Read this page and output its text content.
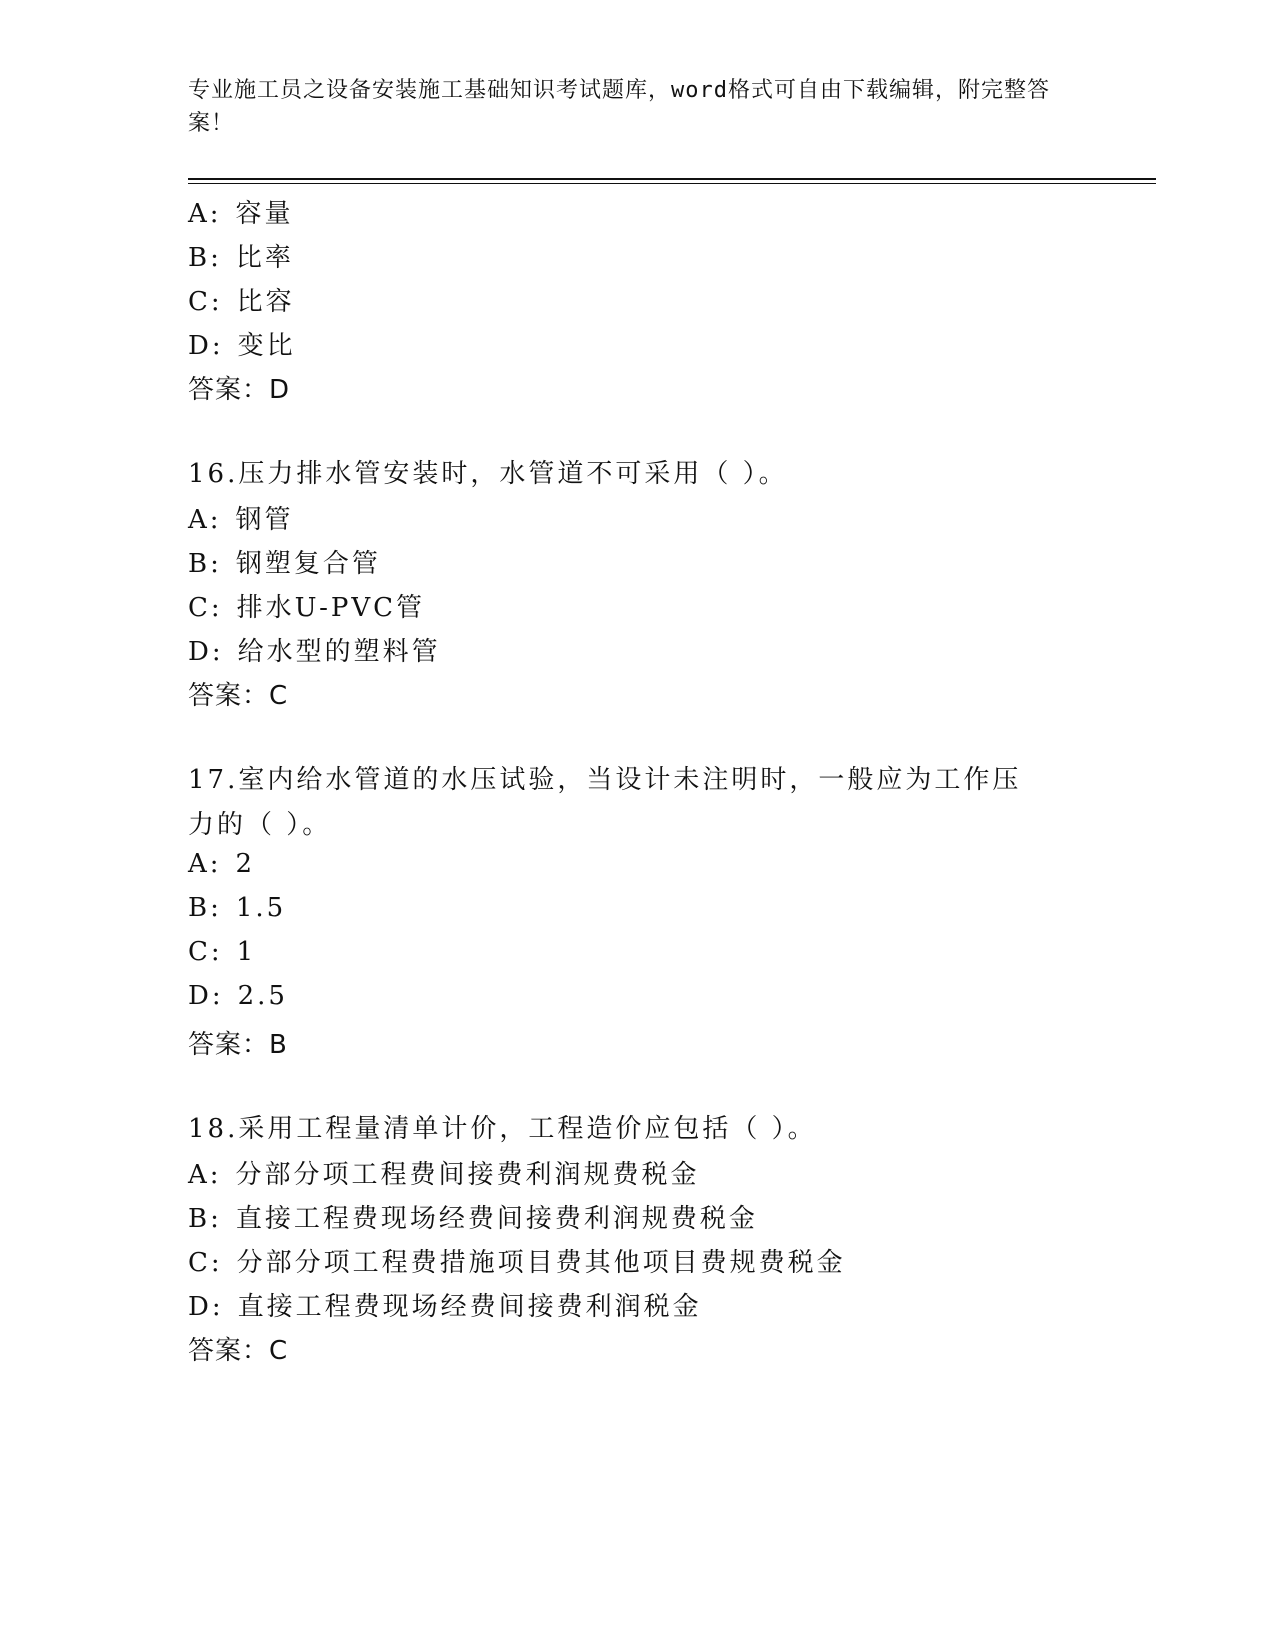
专业施工员之设备安装施工基础知识考试题库，word格式可自由下载编辑，附完整答案！
A: 容量
B: 比率
C: 比容
D: 变比
答案：D
16.压力排水管安装时，水管道不可采用（ ）。
A: 钢管
B: 钢塑复合管
C: 排水U-PVC管
D: 给水型的塑料管
答案：C
17.室内给水管道的水压试验，当设计未注明时，一般应为工作压力的（ ）。
A: 2
B: 1.5
C: 1
D: 2.5
答案：B
18.采用工程量清单计价，工程造价应包括（ ）。
A: 分部分项工程费间接费利润规费税金
B: 直接工程费现场经费间接费利润规费税金
C: 分部分项工程费措施项目费其他项目费规费税金
D: 直接工程费现场经费间接费利润税金
答案：C
